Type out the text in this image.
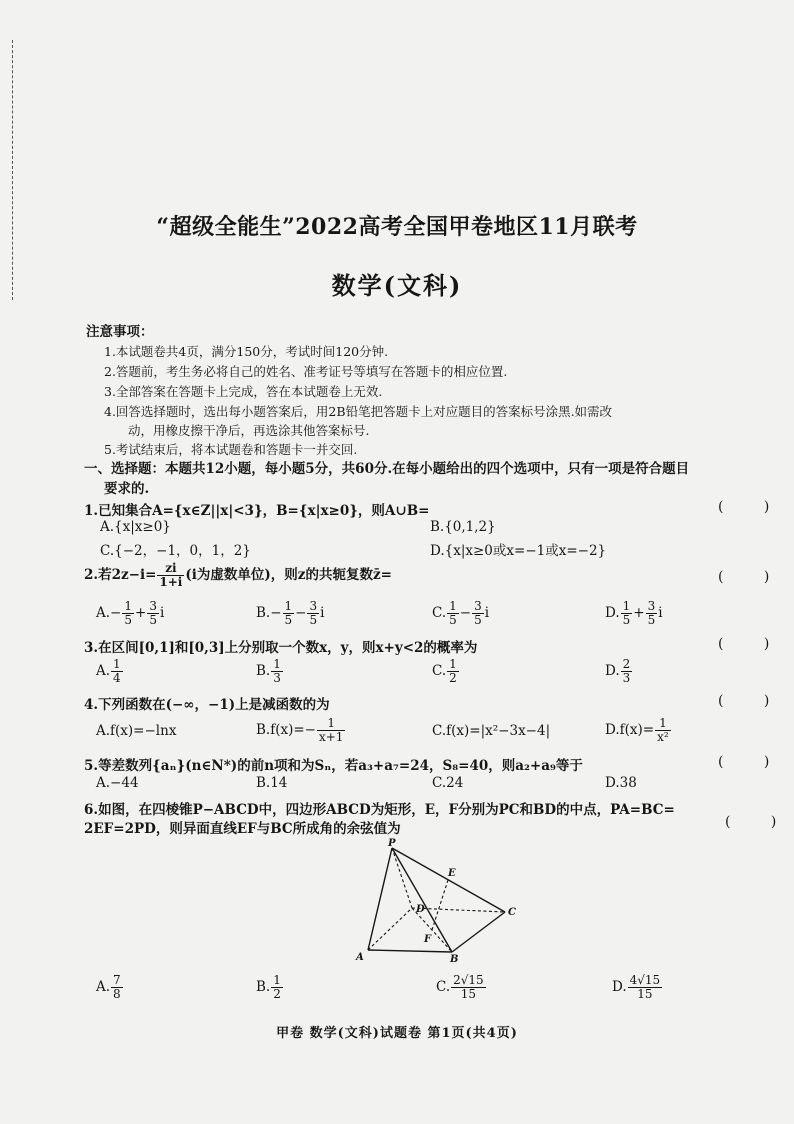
“超级全能生”2022高考全国甲卷地区11月联考
数学(文科)
注意事项：
1.本试题卷共4页，满分150分，考试时间120分钟.
2.答题前，考生务必将自己的姓名、准考证号等填写在答题卡的相应位置.
3.全部答案在答题卡上完成，答在本试题卷上无效.
4.回答选择题时，选出每小题答案后，用2B铅笔把答题卡上对应题目的答案标号涂黑.如需改
动，用橡皮擦干净后，再选涂其他答案标号.
5.考试结束后，将本试题卷和答题卡一并交回.
一、选择题：本题共12小题，每小题5分，共60分.在每小题给出的四个选项中，只有一项是符合题目
要求的.
1.已知集合A={x∈Z||x|<3}，B={x|x≥0}，则A∪B=	( )
A.{x|x≥0}	B.{0,1,2}
C.{−2，−1，0，1，2}	D.{x|x≥0或x=−1或x=−2}
2.若$2z-i= \frac{zi}{1+i} (i$为虚数单位)，则z的共轭复数z̄=	( )
$A.- \frac{1}{5} + \frac{3}{5}$ i	$B.- \frac{1}{5} - \frac{3}{5}$ i	C. $\frac{1}{5} - \frac{3}{5}$ i	D. $\frac{1}{5} + \frac{3}{5}$ i
3.在区间[0,1]和[0,3]上分别取一个数x，y，则x+y<2的概率为	( )
A. $\frac{1}{4}$	B. $\frac{1}{3}$	C. $\frac{1}{2}$	D. $\frac{2}{3}$
4.下列函数在(−∞，−1)上是减函数的为	( )
A.f(x)=−lnx	$B.f(x)=- \frac{1}{x+1}$	C.f(x)=|x²−3x−4|	$D.f(x)= \frac{1}{\text{x²}}$
5.等差数列{aₙ}(n∈N*)的前n项和为Sₙ，若a₃+a₇=24，S₈=40，则a₂+a₉等于	( )
A.−44	B.14	C.24	D.38
6.如图，在四棱锥P−ABCD中，四边形ABCD为矩形，E，F分别为PC和BD的中点，PA=BC=
2EF=2PD，则异面直线EF与BC所成角的余弦值为	( )
P
E
D	C
F
A	B
A. $\frac{7}{8}$	B. $\frac{1}{2}$	C. $\frac{2√15}{15}$	D. $\frac{4√15}{15}$
甲卷 数学(文科)试题卷 第1页(共4页)
